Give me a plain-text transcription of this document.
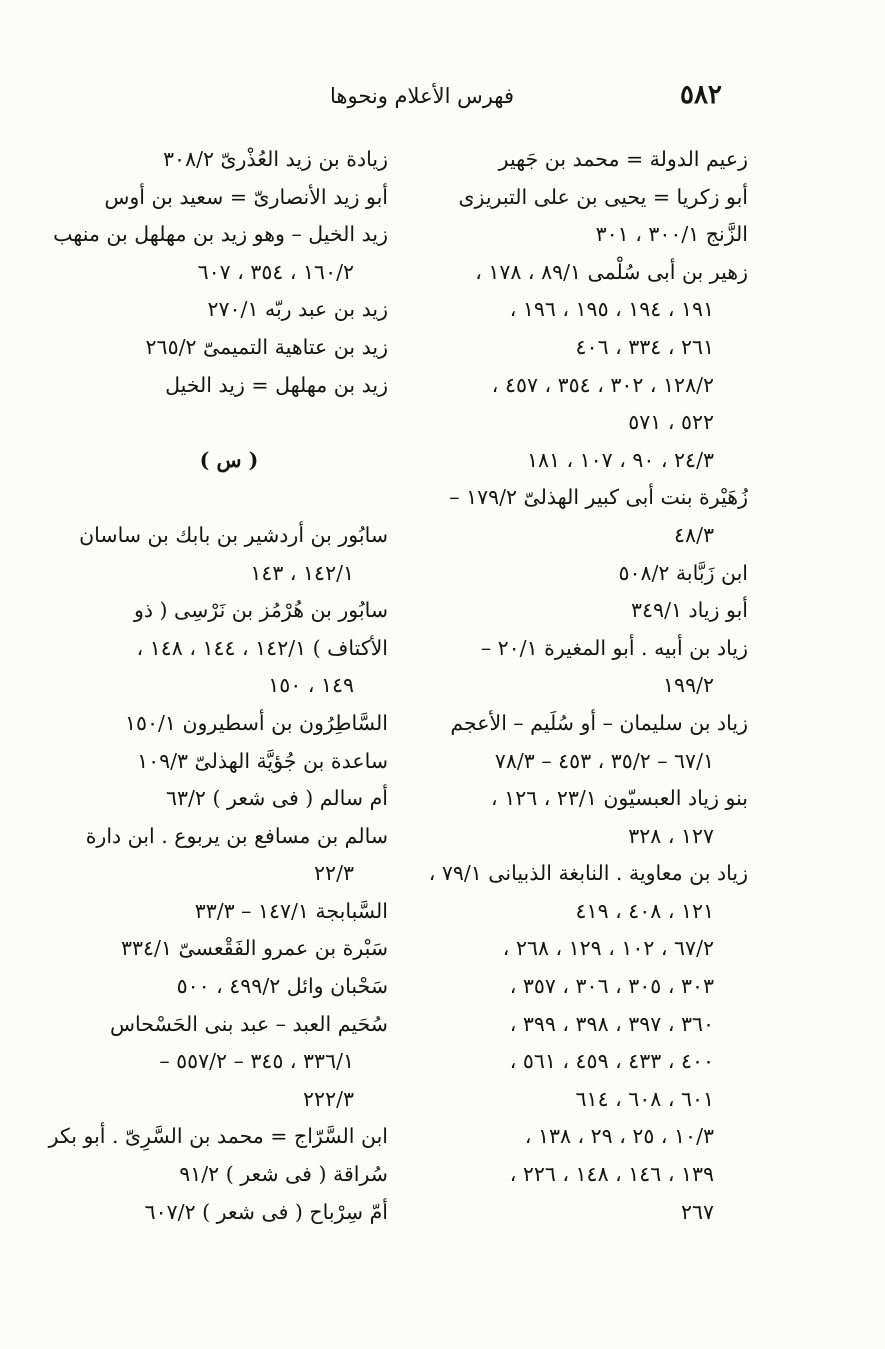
٥٨٢
فهرس الأعلام ونحوها
زعيم الدولة = محمد بن جَهير
أبو زكريا = يحيى بن على التبريزى
الزَّنج ٣٠٠/١ ، ٣٠١
زهير بن أبى سُلْمى ٨٩/١ ، ١٧٨ ،
١٩١ ، ١٩٤ ، ١٩٥ ، ١٩٦ ،
٢٦١ ، ٣٣٤ ، ٤٠٦
١٢٨/٢ ، ٣٠٢ ، ٣٥٤ ، ٤٥٧ ،
٥٢٢ ، ٥٧١
٢٤/٣ ، ٩٠ ، ١٠٧ ، ١٨١
زُهَيْرة بنت أبى كبير الهذلىّ ١٧٩/٢ –
٤٨/٣
ابن زَبَّابة ٥٠٨/٢
أبو زياد ٣٤٩/١
زياد بن أبيه . أبو المغيرة ٢٠/١ –
١٩٩/٢
زياد بن سليمان – أو سُلَيم – الأعجم
٦٧/١ – ٣٥/٢ ، ٤٥٣ – ٧٨/٣
بنو زياد العبسيّون ٢٣/١ ، ١٢٦ ،
١٢٧ ، ٣٢٨
زياد بن معاوية . النابغة الذبيانى ٧٩/١ ،
١٢١ ، ٤٠٨ ، ٤١٩
٦٧/٢ ، ١٠٢ ، ١٢٩ ، ٢٦٨ ،
٣٠٣ ، ٣٠٥ ، ٣٠٦ ، ٣٥٧ ،
٣٦٠ ، ٣٩٧ ، ٣٩٨ ، ٣٩٩ ،
٤٠٠ ، ٤٣٣ ، ٤٥٩ ، ٥٦١ ،
٦٠١ ، ٦٠٨ ، ٦١٤
١٠/٣ ، ٢٥ ، ٢٩ ، ١٣٨ ،
١٣٩ ، ١٤٦ ، ١٤٨ ، ٢٢٦ ،
٢٦٧
زيادة بن زيد العُذْرىّ ٣٠٨/٢
أبو زيد الأنصارىّ = سعيد بن أوس
زيد الخيل – وهو زيد بن مهلهل بن منهب
١٦٠/٢ ، ٣٥٤ ، ٦٠٧
زيد بن عبد ربّه ٢٧٠/١
زيد بن عتاهية التميمىّ ٢٦٥/٢
زيد بن مهلهل = زيد الخيل
( س )
سابُور بن أردشير بن بابك بن ساسان
١٤٢/١ ، ١٤٣
سابُور بن هُرْمُز بن نَرْسِى ( ذو
الأكتاف ) ١٤٢/١ ، ١٤٤ ، ١٤٨ ،
١٤٩ ، ١٥٠
السَّاطِرُون بن أسطيرون ١٥٠/١
ساعدة بن جُؤيَّة الهذلىّ ١٠٩/٣
أم سالم ( فى شعر ) ٦٣/٢
سالم بن مسافع بن يربوع . ابن دارة
٢٢/٣
السَّبابجة ١٤٧/١ – ٣٣/٣
سَبْرة بن عمرو الفَقْعسىّ ٣٣٤/١
سَحْبان وائل ٤٩٩/٢ ، ٥٠٠
سُحَيم العبد – عبد بنى الحَسْحاس
٣٣٦/١ ، ٣٤٥ – ٥٥٧/٢ –
٢٢٢/٣
ابن السَّرّاج = محمد بن السَّرِىّ . أبو بكر
سُراقة ( فى شعر ) ٩١/٢
أمّ سِرْباح ( فى شعر ) ٦٠٧/٢
